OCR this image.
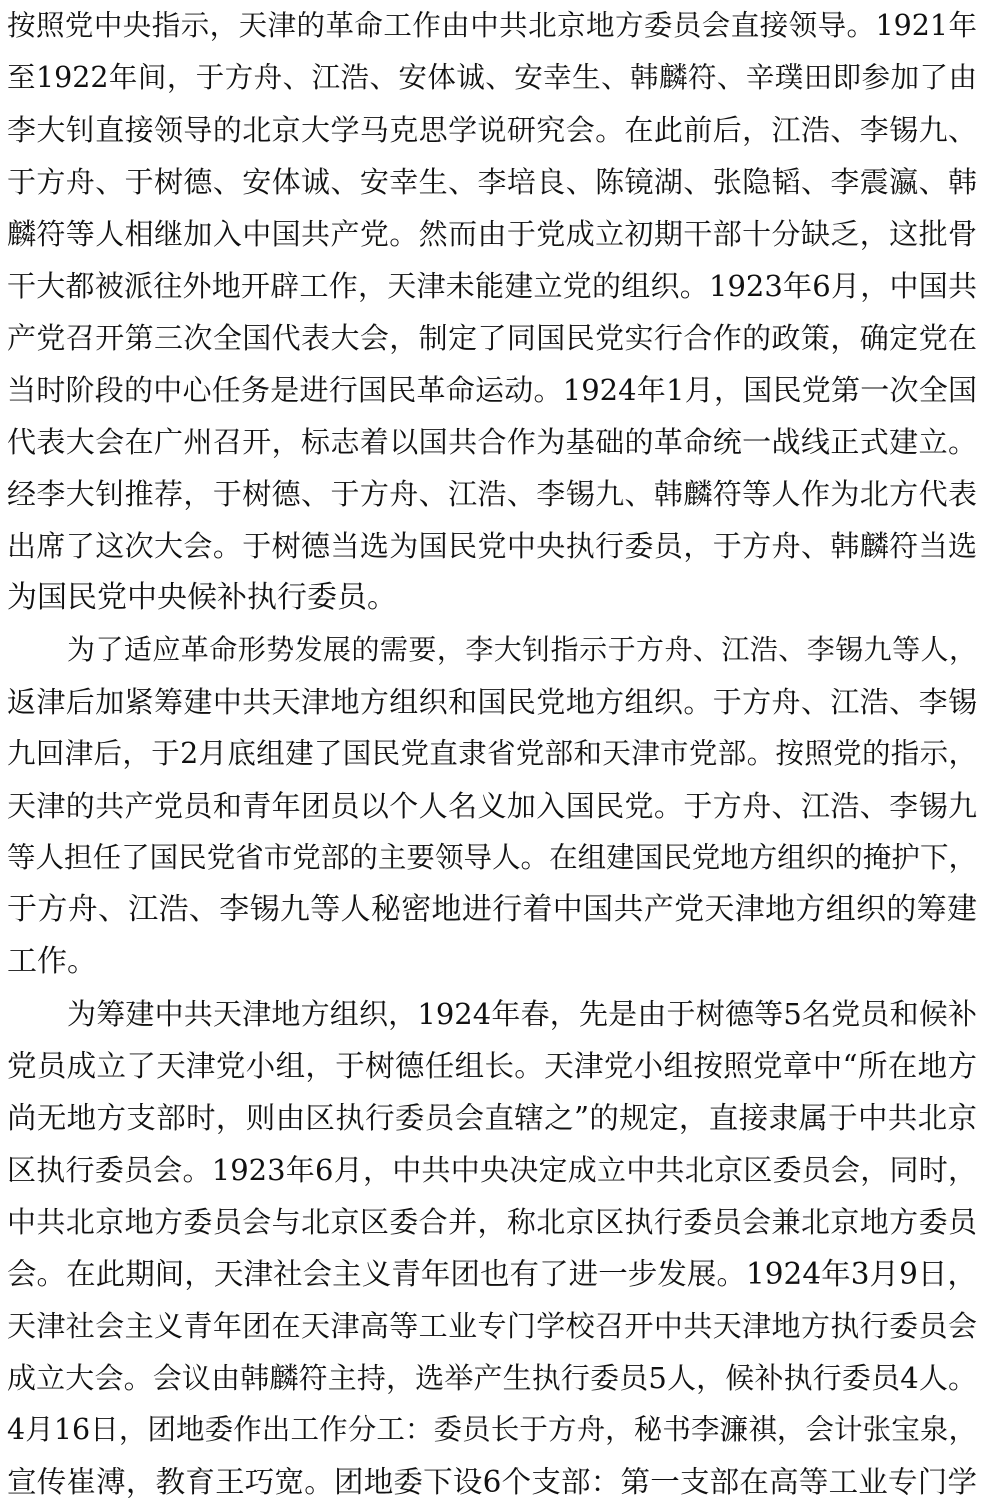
按照党中央指示，天津的革命工作由中共北京地方委员会直接领导。1921年
至1922年间，于方舟、江浩、安体诚、安幸生、韩麟符、辛璞田即参加了由
李大钊直接领导的北京大学马克思学说研究会。在此前后，江浩、李锡九、
于方舟、于树德、安体诚、安幸生、李培良、陈镜湖、张隐韬、李震瀛、韩
麟符等人相继加入中国共产党。然而由于党成立初期干部十分缺乏，这批骨
干大都被派往外地开辟工作，天津未能建立党的组织。1923年6月，中国共
产党召开第三次全国代表大会，制定了同国民党实行合作的政策，确定党在
当时阶段的中心任务是进行国民革命运动。1924年1月，国民党第一次全国
代表大会在广州召开，标志着以国共合作为基础的革命统一战线正式建立。
经李大钊推荐，于树德、于方舟、江浩、李锡九、韩麟符等人作为北方代表
出席了这次大会。于树德当选为国民党中央执行委员，于方舟、韩麟符当选
为国民党中央候补执行委员。
为了适应革命形势发展的需要，李大钊指示于方舟、江浩、李锡九等人，
返津后加紧筹建中共天津地方组织和国民党地方组织。于方舟、江浩、李锡
九回津后，于2月底组建了国民党直隶省党部和天津市党部。按照党的指示，
天津的共产党员和青年团员以个人名义加入国民党。于方舟、江浩、李锡九
等人担任了国民党省市党部的主要领导人。在组建国民党地方组织的掩护下，
于方舟、江浩、李锡九等人秘密地进行着中国共产党天津地方组织的筹建
工作。
为筹建中共天津地方组织，1924年春，先是由于树德等5名党员和候补
党员成立了天津党小组，于树德任组长。天津党小组按照党章中“所在地方
尚无地方支部时，则由区执行委员会直辖之”的规定，直接隶属于中共北京
区执行委员会。1923年6月，中共中央决定成立中共北京区委员会，同时，
中共北京地方委员会与北京区委合并，称北京区执行委员会兼北京地方委员
会。在此期间，天津社会主义青年团也有了进一步发展。1924年3月9日，
天津社会主义青年团在天津高等工业专门学校召开中共天津地方执行委员会
成立大会。会议由韩麟符主持，选举产生执行委员5人，候补执行委员4人。
4月16日，团地委作出工作分工：委员长于方舟，秘书李濂祺，会计张宝泉，
宣传崔溥，教育王巧宽。团地委下设6个支部：第一支部在高等工业专门学
